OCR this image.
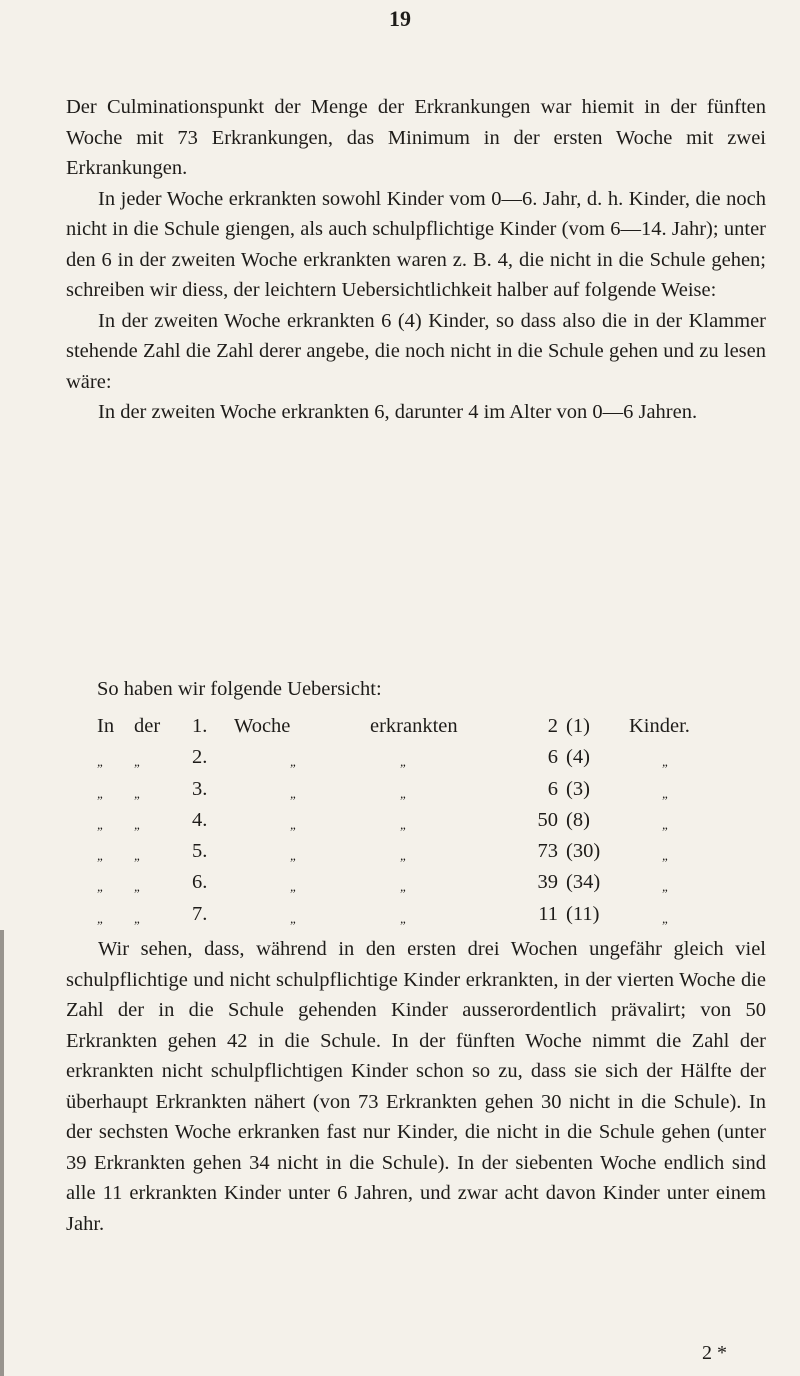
19

Der Culminationspunkt der Menge der Erkrankungen war hiemit in der fünften Woche mit 73 Erkrankungen, das Minimum in der ersten Woche mit zwei Erkrankungen.

In jeder Woche erkrankten sowohl Kinder vom 0—6. Jahr, d. h. Kinder, die noch nicht in die Schule giengen, als auch schulpflichtige Kinder (vom 6—14. Jahr); unter den 6 in der zweiten Woche erkrankten waren z. B. 4, die nicht in die Schule gehen; schreiben wir diess, der leichtern Uebersichtlichkeit halber auf folgende Weise:

In der zweiten Woche erkrankten 6 (4) Kinder, so dass also die in der Klammer stehende Zahl die Zahl derer angebe, die noch nicht in die Schule gehen und zu lesen wäre:

In der zweiten Woche erkrankten 6, darunter 4 im Alter von 0—6 Jahren.

So haben wir folgende Uebersicht:
In der 1. Woche	erkrankten	2 (1) Kinder.
„ „ 2.	„	„	6 (4)	„
„ „ 3.	„	„	6 (3)	„
„ „ 4.	„	„	50 (8)	„
„ „ 5.	„	„	73 (30)	„
„ „ 6.	„	„	39 (34)	„
„ „ 7.	„	„	11 (11)	„
Wir sehen, dass, während in den ersten drei Wochen ungefähr gleich viel schulpflichtige und nicht schulpflichtige Kinder erkrankten, in der vierten Woche die Zahl der in die Schule gehenden Kinder ausserordentlich prävalirt; von 50 Erkrankten gehen 42 in die Schule. In der fünften Woche nimmt die Zahl der erkrankten nicht schulpflichtigen Kinder schon so zu, dass sie sich der Hälfte der überhaupt Erkrankten nähert (von 73 Erkrankten gehen 30 nicht in die Schule). In der sechsten Woche erkranken fast nur Kinder, die nicht in die Schule gehen (unter 39 Erkrankten gehen 34 nicht in die Schule). In der siebenten Woche endlich sind alle 11 erkrankten Kinder unter 6 Jahren, und zwar acht davon Kinder unter einem Jahr.
2 *
